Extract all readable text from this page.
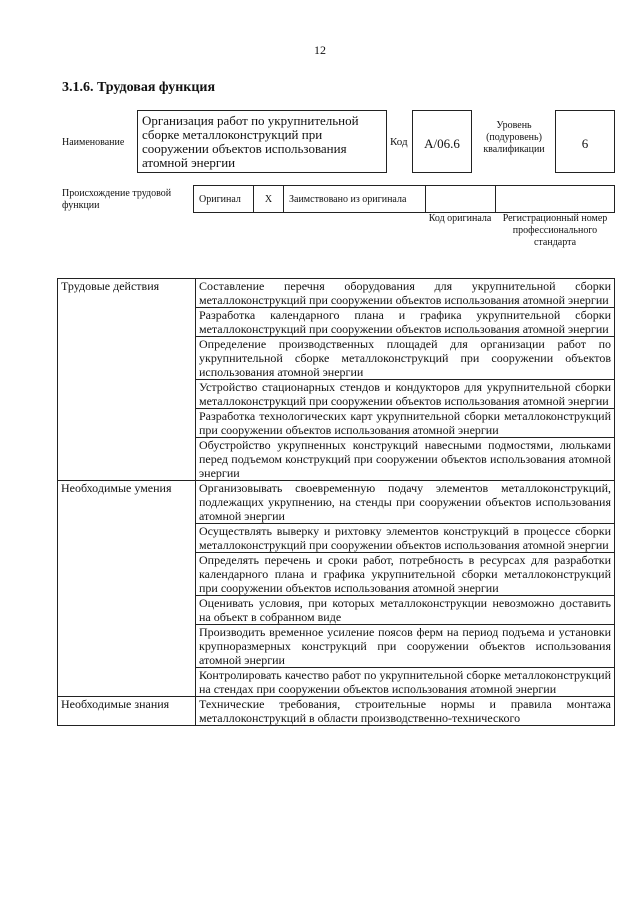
12
3.1.6. Трудовая функция
Наименование
Организация работ по укрупнительной сборке металлоконструкций при сооружении объектов использования атомной энергии
Код	А/06.6
Уровень (подуровень) квалификации	6
Происхождение трудовой функции
Оригинал	X	Заимствовано из оригинала
Код оригинала	Регистрационный номер профессионального стандарта
Трудовые действия	Составление перечня оборудования для укрупнительной сборки металлоконструкций при сооружении объектов использования атомной энергии
	Разработка календарного плана и графика укрупнительной сборки металлоконструкций при сооружении объектов использования атомной энергии
	Определение производственных площадей для организации работ по укрупнительной сборке металлоконструкций при сооружении объектов использования атомной энергии
	Устройство стационарных стендов и кондукторов для укрупнительной сборки металлоконструкций при сооружении объектов использования атомной энергии
	Разработка технологических карт укрупнительной сборки металлоконструкций при сооружении объектов использования атомной энергии
	Обустройство укрупненных конструкций навесными подмостями, люльками перед подъемом конструкций при сооружении объектов использования атомной энергии
Необходимые умения	Организовывать своевременную подачу элементов металлоконструкций, подлежащих укрупнению, на стенды при сооружении объектов использования атомной энергии
	Осуществлять выверку и рихтовку элементов конструкций в процессе сборки металлоконструкций при сооружении объектов использования атомной энергии
	Определять перечень и сроки работ, потребность в ресурсах для разработки календарного плана и графика укрупнительной сборки металлоконструкций при сооружении объектов использования атомной энергии
	Оценивать условия, при которых металлоконструкции невозможно доставить на объект в собранном виде
	Производить временное усиление поясов ферм на период подъема и установки крупноразмерных конструкций при сооружении объектов использования атомной энергии
	Контролировать качество работ по укрупнительной сборке металлоконструкций на стендах при сооружении объектов использования атомной энергии
Необходимые знания	Технические требования, строительные нормы и правила монтажа металлоконструкций в области производственно-технического
